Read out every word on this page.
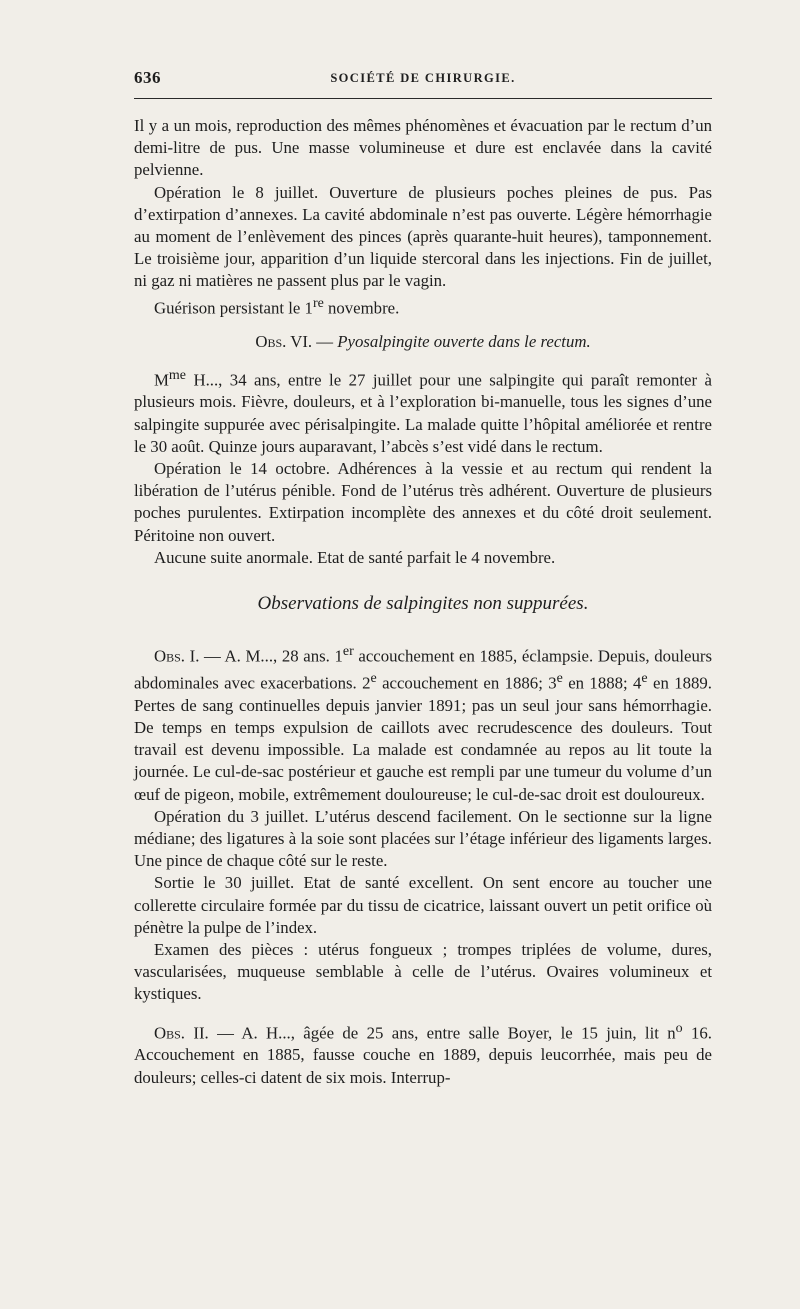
636	SOCIÉTÉ DE CHIRURGIE.

Il y a un mois, reproduction des mêmes phénomènes et évacuation par le rectum d’un demi-litre de pus. Une masse volumineuse et dure est enclavée dans la cavité pelvienne.

Opération le 8 juillet. Ouverture de plusieurs poches pleines de pus. Pas d’extirpation d’annexes. La cavité abdominale n’est pas ouverte. Légère hémorrhagie au moment de l’enlèvement des pinces (après quarante-huit heures), tamponnement. Le troisième jour, apparition d’un liquide stercoral dans les injections. Fin de juillet, ni gaz ni matières ne passent plus par le vagin.

Guérison persistant le 1re novembre.

Obs. VI. — Pyosalpingite ouverte dans le rectum.

$M^{me}$ H..., 34 ans, entre le 27 juillet pour une salpingite qui paraît remonter à plusieurs mois. Fièvre, douleurs, et à l’exploration bi-manuelle, tous les signes d’une salpingite suppurée avec périsalpingite. La malade quitte l’hôpital améliorée et rentre le 30 août. Quinze jours auparavant, l’abcès s’est vidé dans le rectum.

Opération le 14 octobre. Adhérences à la vessie et au rectum qui rendent la libération de l’utérus pénible. Fond de l’utérus très adhérent. Ouverture de plusieurs poches purulentes. Extirpation incomplète des annexes et du côté droit seulement. Péritoine non ouvert.

Aucune suite anormale. Etat de santé parfait le 4 novembre.

Observations de salpingites non suppurées.

Obs. I. — A. M..., 28 ans. 1er accouchement en 1885, éclampsie. Depuis, douleurs abdominales avec exacerbations. 2e accouchement en 1886; 3e en 1888; 4e en 1889. Pertes de sang continuelles depuis janvier 1891; pas un seul jour sans hémorrhagie. De temps en temps expulsion de caillots avec recrudescence des douleurs. Tout travail est devenu impossible. La malade est condamnée au repos au lit toute la journée. Le cul-de-sac postérieur et gauche est rempli par une tumeur du volume d’un œuf de pigeon, mobile, extrêmement douloureuse; le cul-de-sac droit est douloureux.

Opération du 3 juillet. L’utérus descend facilement. On le sectionne sur la ligne médiane; des ligatures à la soie sont placées sur l’étage inférieur des ligaments larges. Une pince de chaque côté sur le reste.

Sortie le 30 juillet. Etat de santé excellent. On sent encore au toucher une collerette circulaire formée par du tissu de cicatrice, laissant ouvert un petit orifice où pénètre la pulpe de l’index.

Examen des pièces : utérus fongueux ; trompes triplées de volume, dures, vascularisées, muqueuse semblable à celle de l’utérus. Ovaires volumineux et kystiques.

Obs. II. — A. H..., âgée de 25 ans, entre salle Boyer, le 15 juin, lit $n^o$ 16. Accouchement en 1885, fausse couche en 1889, depuis leucorrhée, mais peu de douleurs; celles-ci datent de six mois. Interrup-
